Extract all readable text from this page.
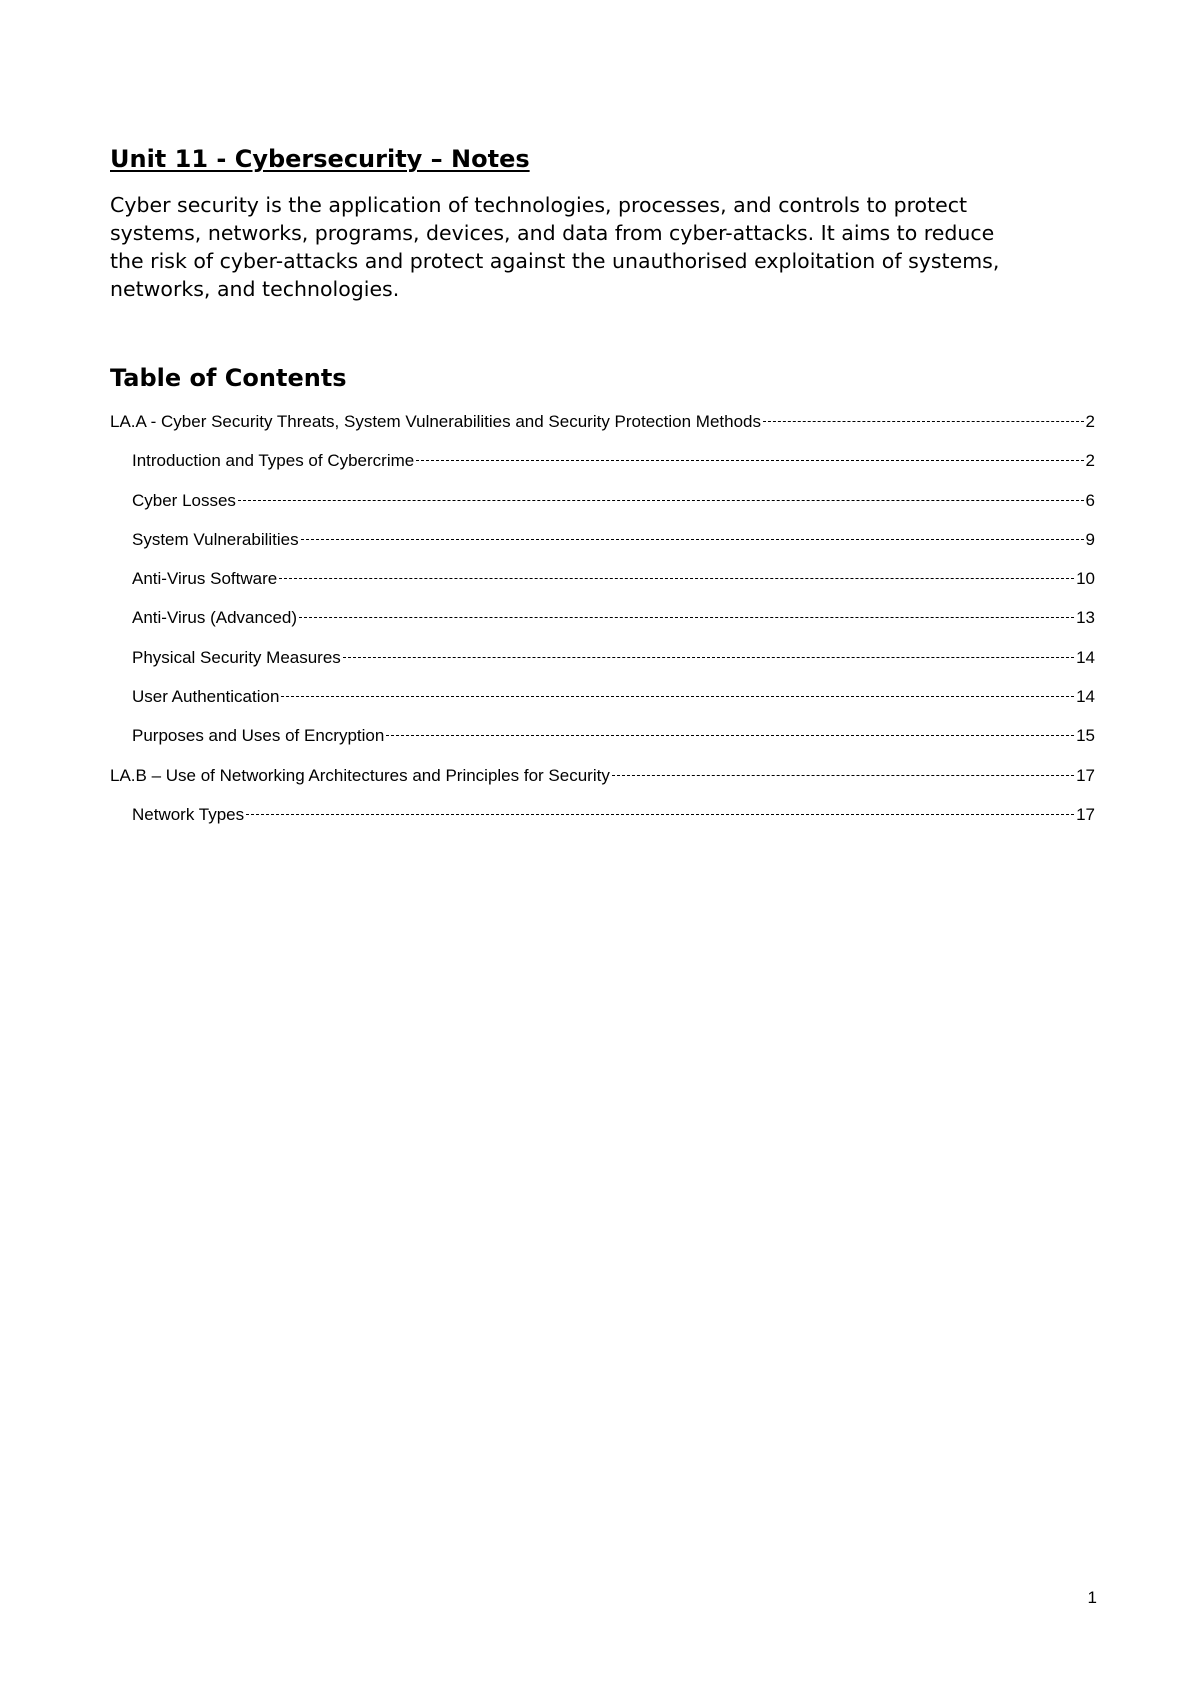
Unit 11 - Cybersecurity – Notes

Cyber security is the application of technologies, processes, and controls to protect
systems, networks, programs, devices, and data from cyber-attacks. It aims to reduce
the risk of cyber-attacks and protect against the unauthorised exploitation of systems,
networks, and technologies.

Table of Contents
LA.A - Cyber Security Threats, System Vulnerabilities and Security Protection Methods	2
Introduction and Types of Cybercrime	2
Cyber Losses	6
System Vulnerabilities	9
Anti-Virus Software	10
Anti-Virus (Advanced)	13
Physical Security Measures	14
User Authentication	14
Purposes and Uses of Encryption	15
LA.B – Use of Networking Architectures and Principles for Security	17
Network Types	17
1
